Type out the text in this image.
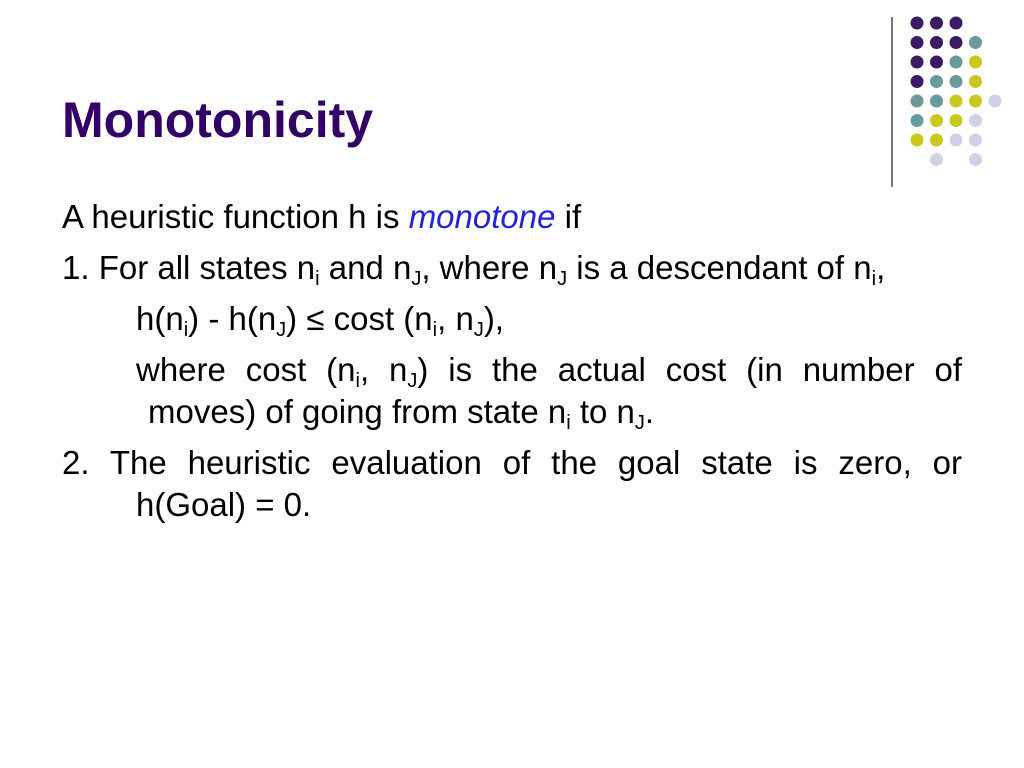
Monotonicity

A heuristic function h is monotone if

1. For all states $n_i$ and $n_J$, where $n_J$ is a descendant of $n_i$,

$h(n_i) - h(n_J) \le \cos t$ ($n_i$, $n_J$),

where cost ($n_i$, $n_J$) is the actual cost (in number of moves) of going from state $n_i$ to $n_J$.

2. The heuristic evaluation of the goal state is zero, or h(Goal) = 0.
